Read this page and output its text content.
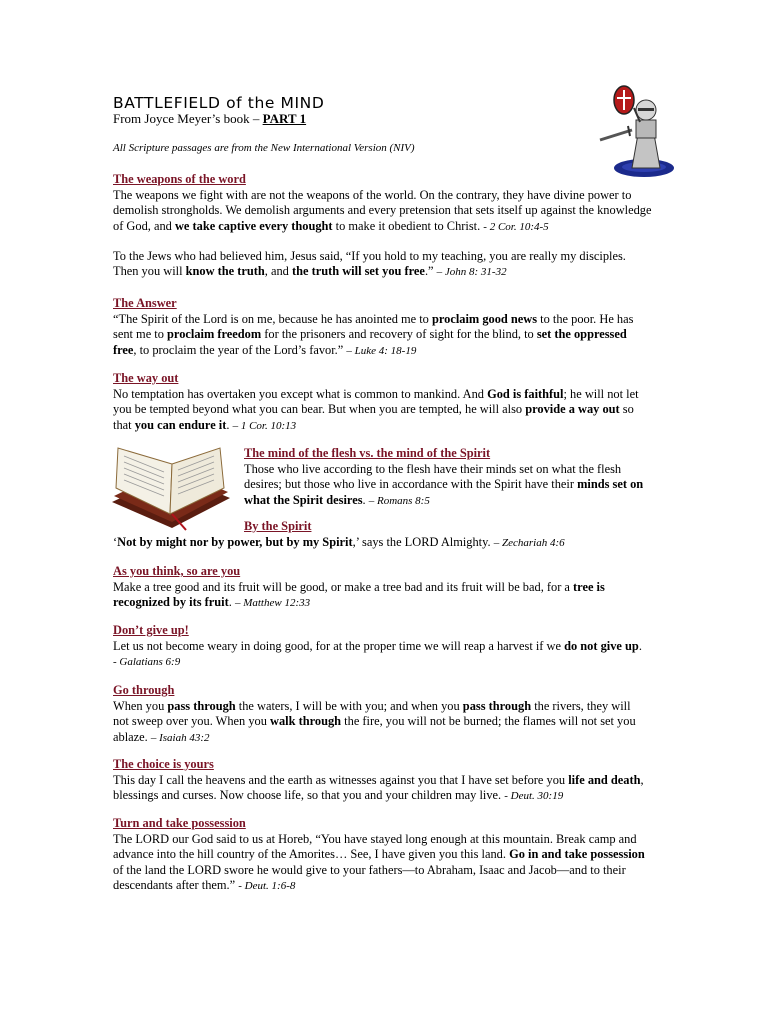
BATTLEFIELD of the MIND
From Joyce Meyer’s book – PART 1
All Scripture passages are from the New International Version (NIV)
The weapons of the word
The weapons we fight with are not the weapons of the world. On the contrary, they have divine power to demolish strongholds. We demolish arguments and every pretension that sets itself up against the knowledge of God, and we take captive every thought to make it obedient to Christ. - 2 Cor. 10:4-5
To the Jews who had believed him, Jesus said, “If you hold to my teaching, you are really my disciples. Then you will know the truth, and the truth will set you free.” – John 8: 31-32
The Answer
“The Spirit of the Lord is on me, because he has anointed me to proclaim good news to the poor. He has sent me to proclaim freedom for the prisoners and recovery of sight for the blind, to set the oppressed free, to proclaim the year of the Lord’s favor.” – Luke 4: 18-19
The way out
No temptation has overtaken you except what is common to mankind. And God is faithful; he will not let you be tempted beyond what you can bear. But when you are tempted, he will also provide a way out so that you can endure it. – 1 Cor. 10:13
The mind of the flesh vs. the mind of the Spirit
Those who live according to the flesh have their minds set on what the flesh desires; but those who live in accordance with the Spirit have their minds set on what the Spirit desires. – Romans 8:5
By the Spirit
‘Not by might nor by power, but by my Spirit,’ says the LORD Almighty. – Zechariah 4:6
As you think, so are you
Make a tree good and its fruit will be good, or make a tree bad and its fruit will be bad, for a tree is recognized by its fruit. – Matthew 12:33
Don’t give up!
Let us not become weary in doing good, for at the proper time we will reap a harvest if we do not give up.
- Galatians 6:9
Go through
When you pass through the waters, I will be with you; and when you pass through the rivers, they will not sweep over you. When you walk through the fire, you will not be burned; the flames will not set you ablaze. – Isaiah 43:2
The choice is yours
This day I call the heavens and the earth as witnesses against you that I have set before you life and death, blessings and curses. Now choose life, so that you and your children may live. - Deut. 30:19
Turn and take possession
The LORD our God said to us at Horeb, “You have stayed long enough at this mountain. Break camp and advance into the hill country of the Amorites… See, I have given you this land. Go in and take possession of the land the LORD swore he would give to your fathers—to Abraham, Isaac and Jacob—and to their descendants after them.” - Deut. 1:6-8
